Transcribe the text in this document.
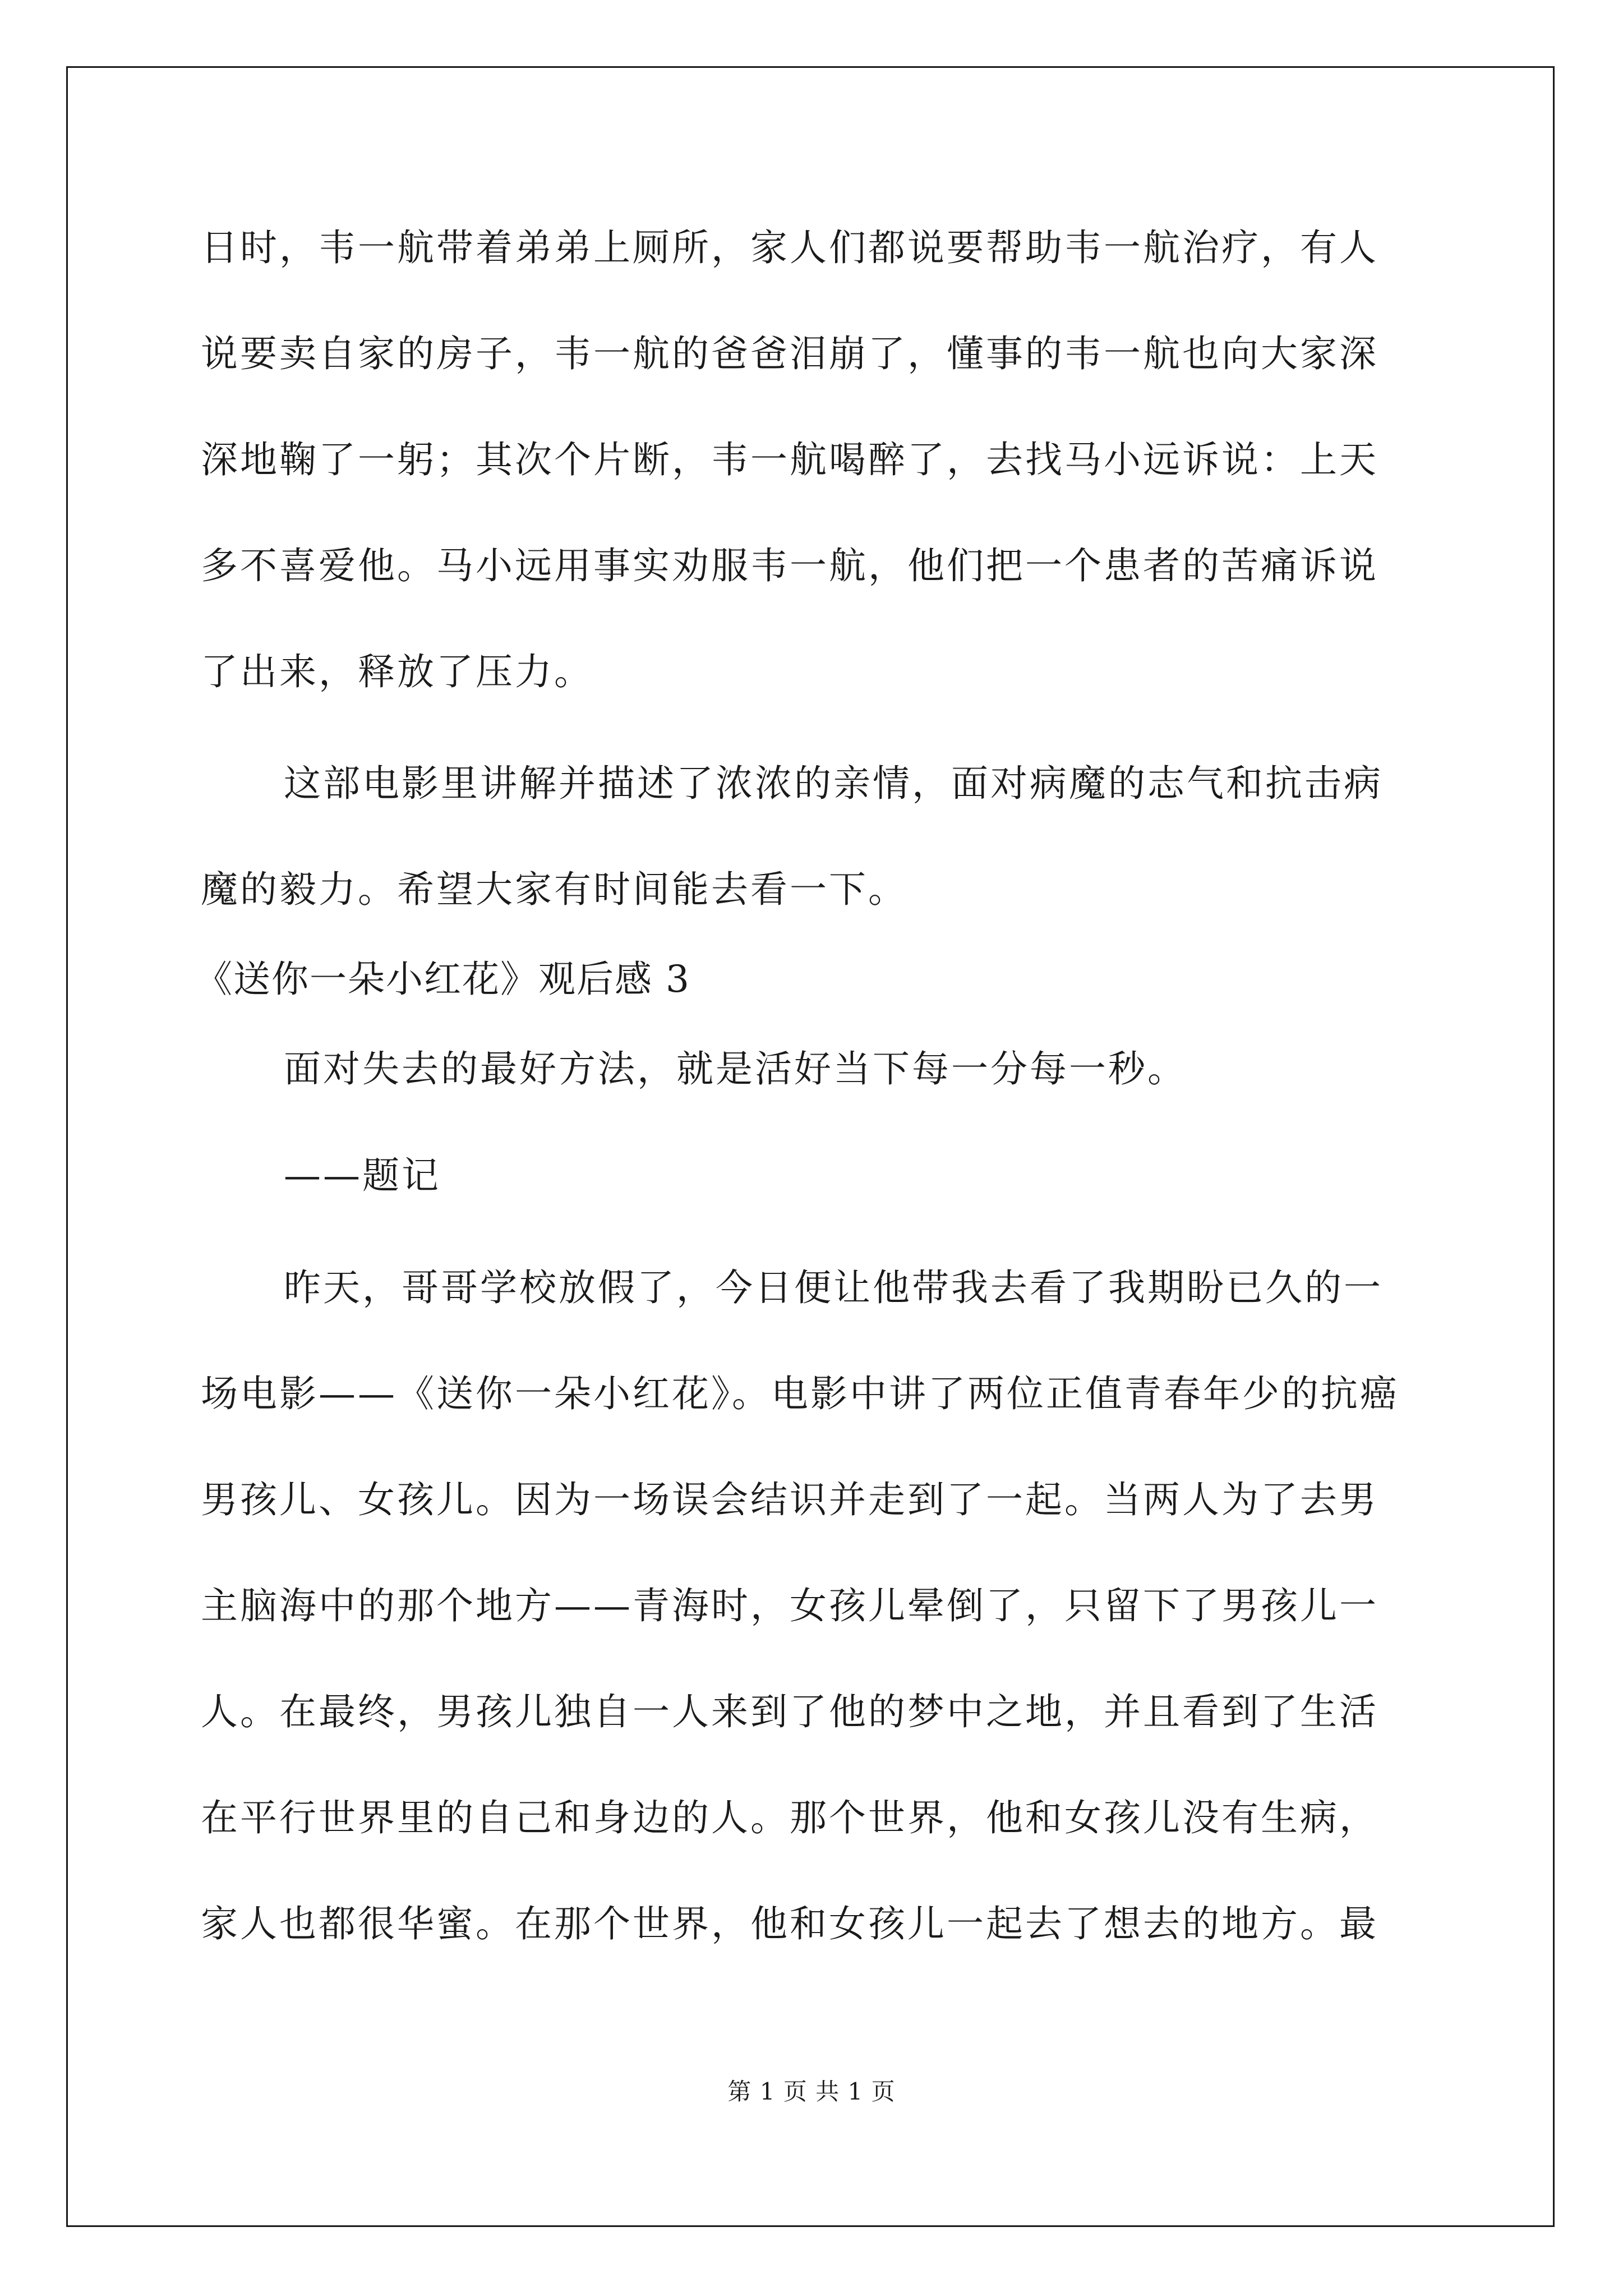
日时，韦一航带着弟弟上厕所，家人们都说要帮助韦一航治疗，有人
说要卖自家的房子，韦一航的爸爸泪崩了，懂事的韦一航也向大家深
深地鞠了一躬；其次个片断，韦一航喝醉了，去找马小远诉说：上天
多不喜爱他。马小远用事实劝服韦一航，他们把一个患者的苦痛诉说
了出来，释放了压力。
这部电影里讲解并描述了浓浓的亲情，面对病魔的志气和抗击病
魔的毅力。希望大家有时间能去看一下。
《送你一朵小红花》观后感 3
面对失去的最好方法，就是活好当下每一分每一秒。
——题记
昨天，哥哥学校放假了，今日便让他带我去看了我期盼已久的一
场电影——《送你一朵小红花》。电影中讲了两位正值青春年少的抗癌
男孩儿、女孩儿。因为一场误会结识并走到了一起。当两人为了去男
主脑海中的那个地方——青海时，女孩儿晕倒了，只留下了男孩儿一
人。在最终，男孩儿独自一人来到了他的梦中之地，并且看到了生活
在平行世界里的自己和身边的人。那个世界，他和女孩儿没有生病，
家人也都很华蜜。在那个世界，他和女孩儿一起去了想去的地方。最
第 1 页 共 1 页
